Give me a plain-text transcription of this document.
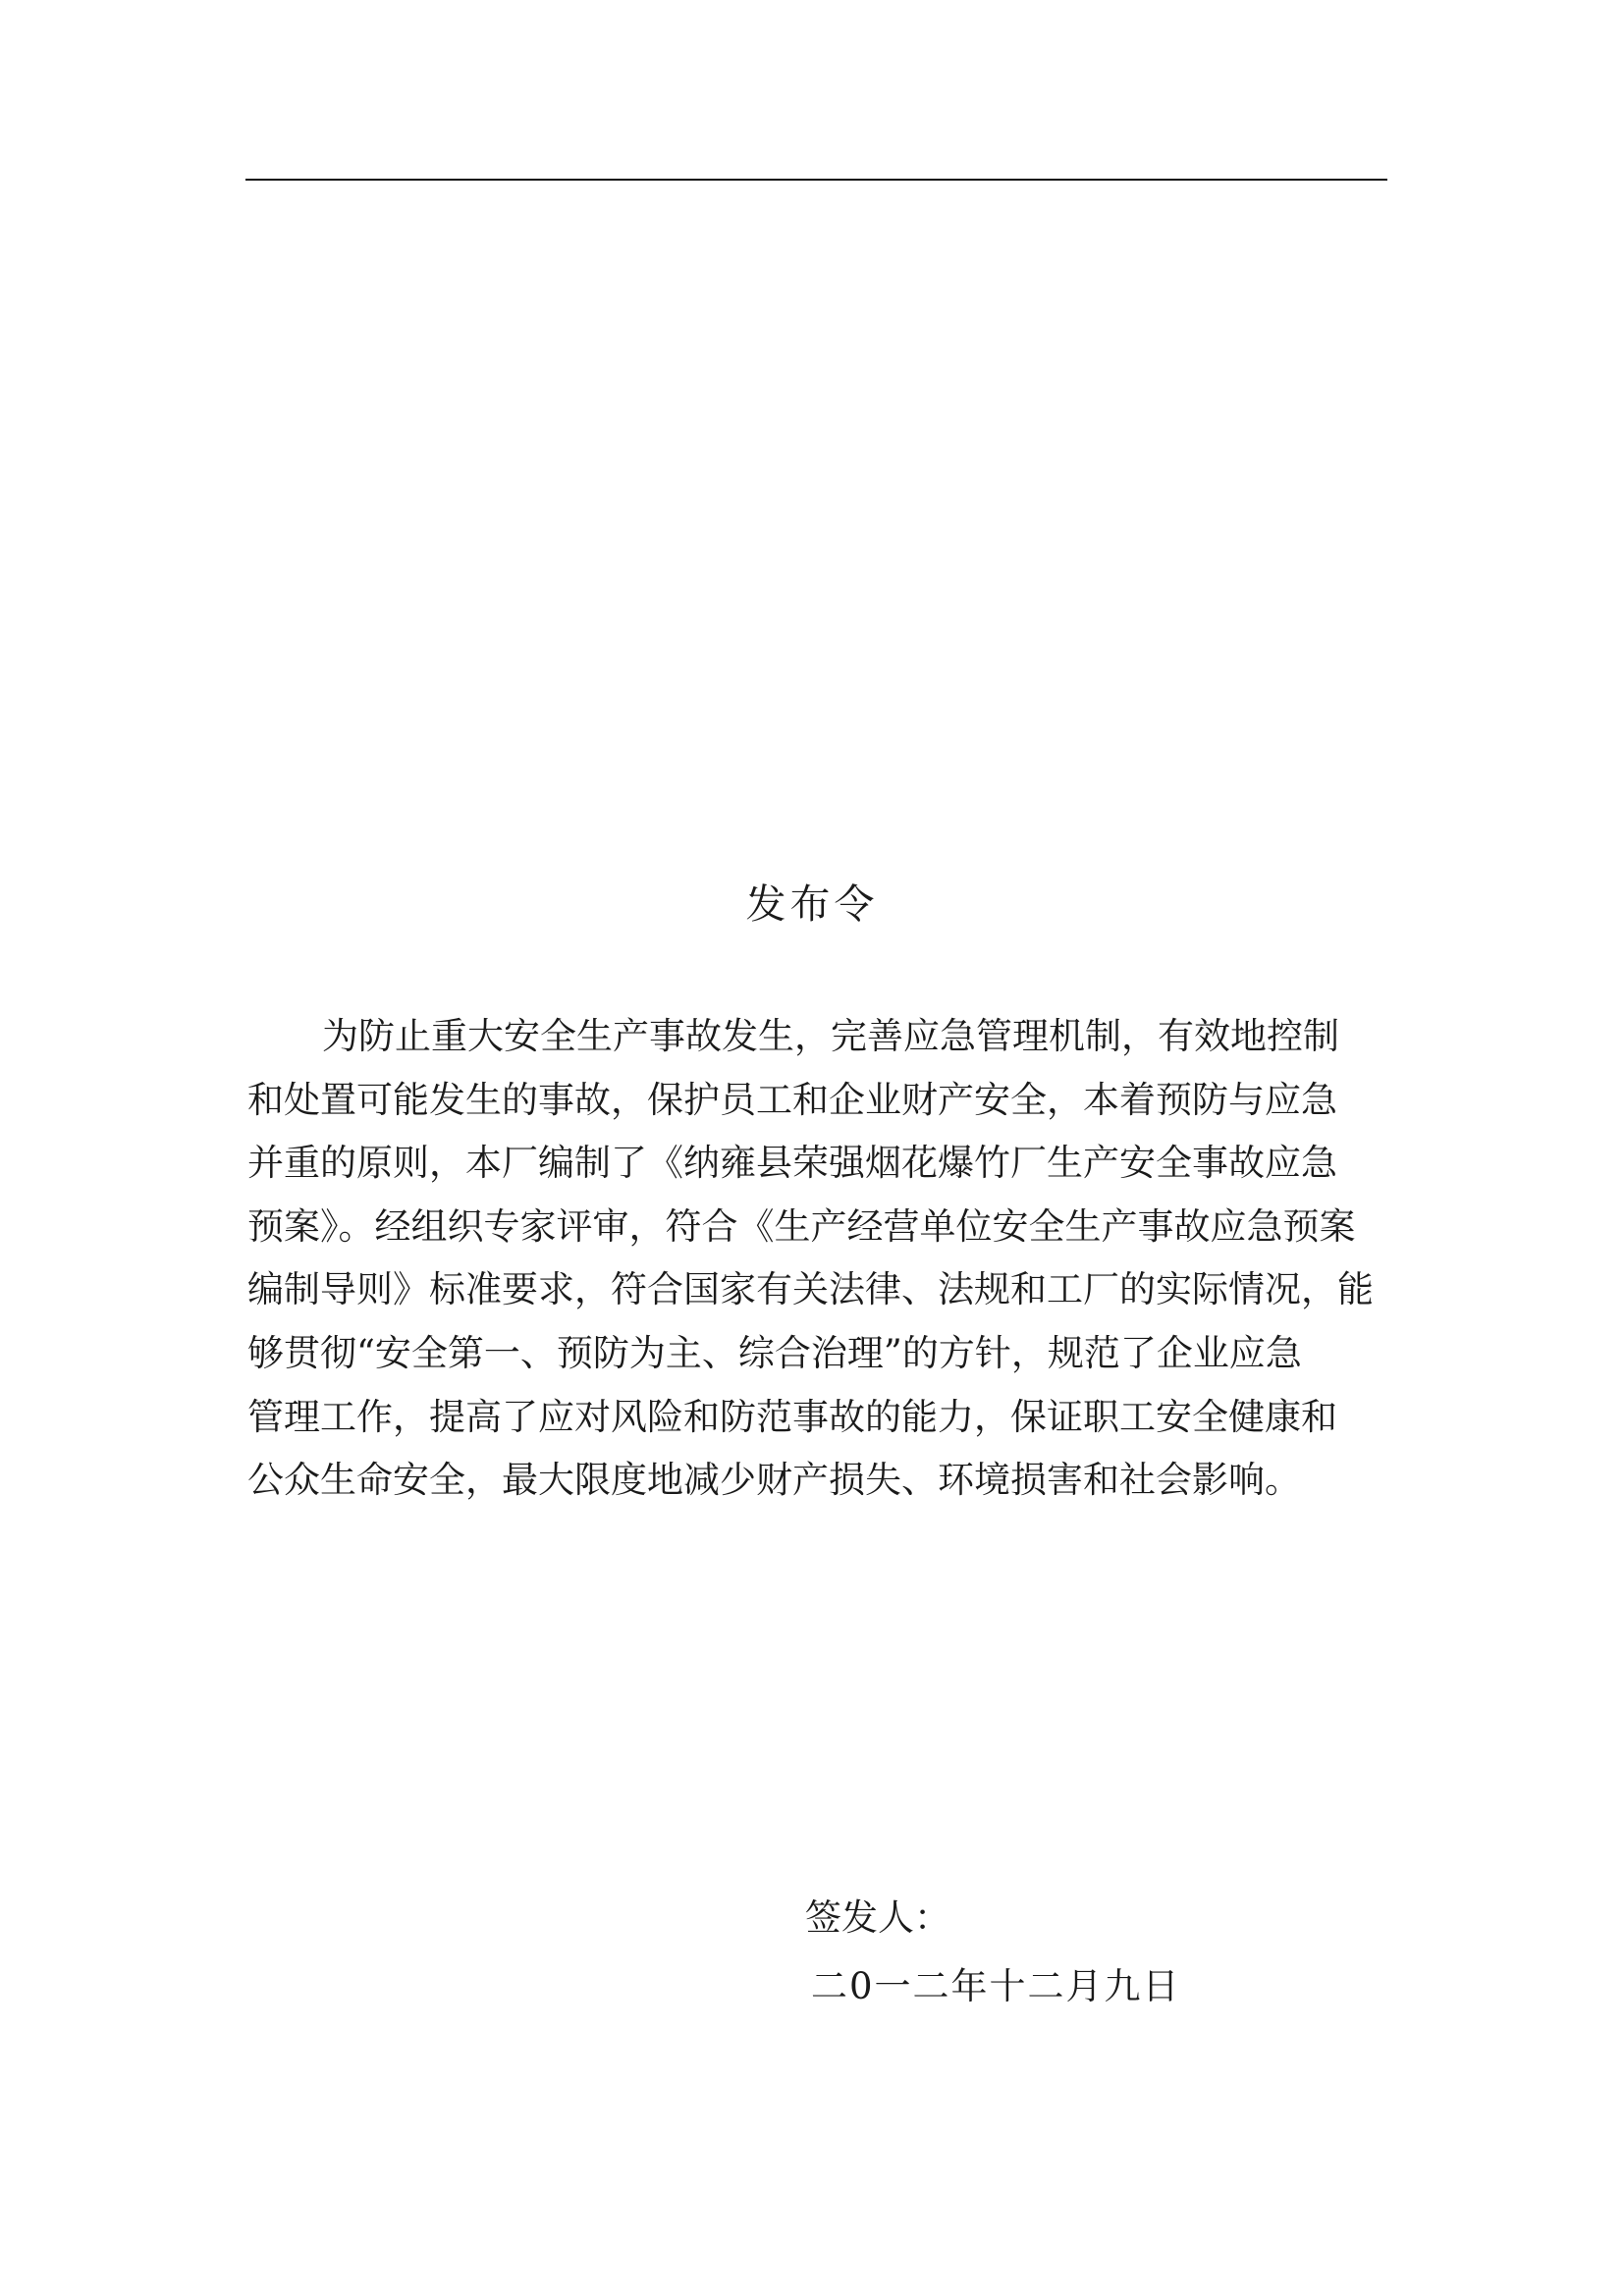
发布令
为防止重大安全生产事故发生，完善应急管理机制，有效地控制
和处置可能发生的事故，保护员工和企业财产安全，本着预防与应急
并重的原则，本厂编制了《纳雍县荣强烟花爆竹厂生产安全事故应急
预案》。经组织专家评审，符合《生产经营单位安全生产事故应急预案
编制导则》标准要求，符合国家有关法律、法规和工厂的实际情况，能
够贯彻“安全第一、预防为主、综合治理”的方针，规范了企业应急
管理工作，提高了应对风险和防范事故的能力，保证职工安全健康和
公众生命安全，最大限度地减少财产损失、环境损害和社会影响。
签发人：
二0一二年十二月九日
